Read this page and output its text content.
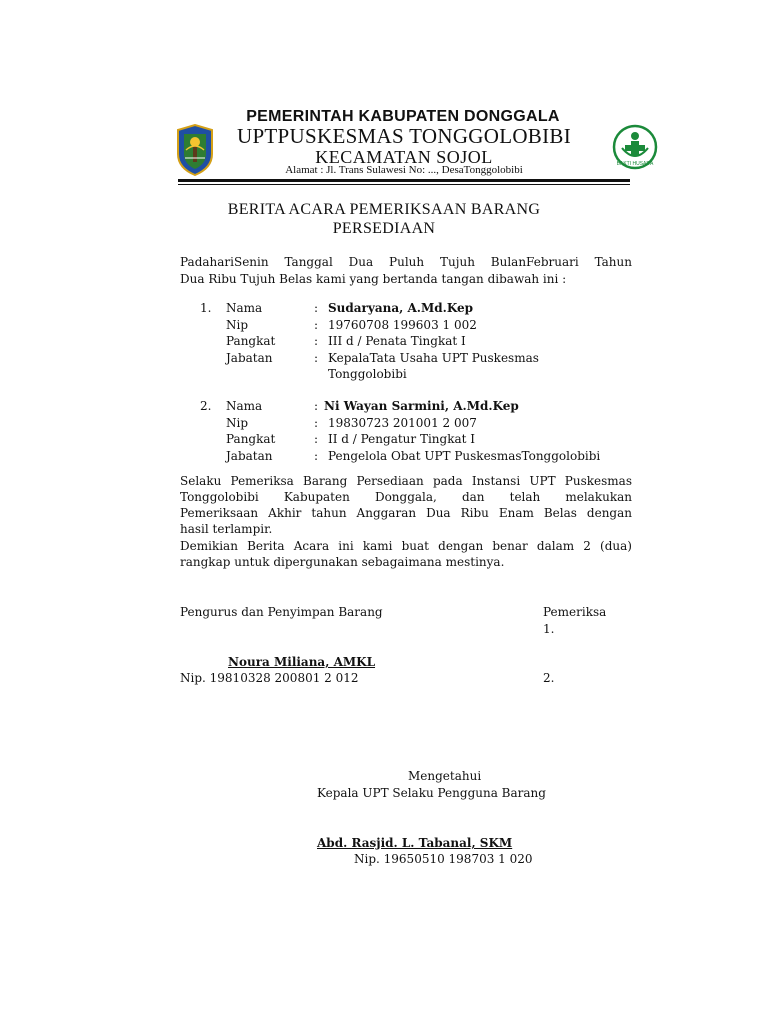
BAKTI HUSADA
PEMERINTAH KABUPATEN DONGGALA
UPTPUSKESMAS TONGGOLOBIBI
KECAMATAN SOJOL
Alamat : Jl. Trans Sulawesi No: ..., DesaTonggolobibi
BERITA ACARA PEMERIKSAAN BARANG
PERSEDIAAN
PadahariSenin Tanggal Dua Puluh Tujuh BulanFebruari Tahun
Dua Ribu Tujuh Belas kami yang bertanda tangan dibawah ini :
1. Nama	: Sudaryana, A.Md.Kep
Nip	: 19760708 199603 1 002
Pangkat	: III d / Penata Tingkat I
Jabatan	: KepalaTata Usaha UPT Puskesmas
Tonggolobibi
2. Nama	: Ni Wayan Sarmini, A.Md.Kep
Nip	: 19830723 201001 2 007
Pangkat	: II d / Pengatur Tingkat I
Jabatan	: Pengelola Obat UPT PuskesmasTonggolobibi
Selaku Pemeriksa Barang Persediaan pada Instansi UPT Puskesmas
Tonggolobibi Kabupaten Donggala, dan telah melakukan
Pemeriksaan Akhir tahun Anggaran Dua Ribu Enam Belas dengan
hasil terlampir.
Demikian Berita Acara ini kami buat dengan benar dalam 2 (dua)
rangkap untuk dipergunakan sebagaimana mestinya.
Pengurus dan Penyimpan Barang	Pemeriksa
1.
Noura Miliana, AMKL
Nip. 19810328 200801 2 012	2.
Mengetahui
Kepala UPT Selaku Pengguna Barang
Abd. Rasjid. L. Tabanal, SKM
Nip. 19650510 198703 1 020
